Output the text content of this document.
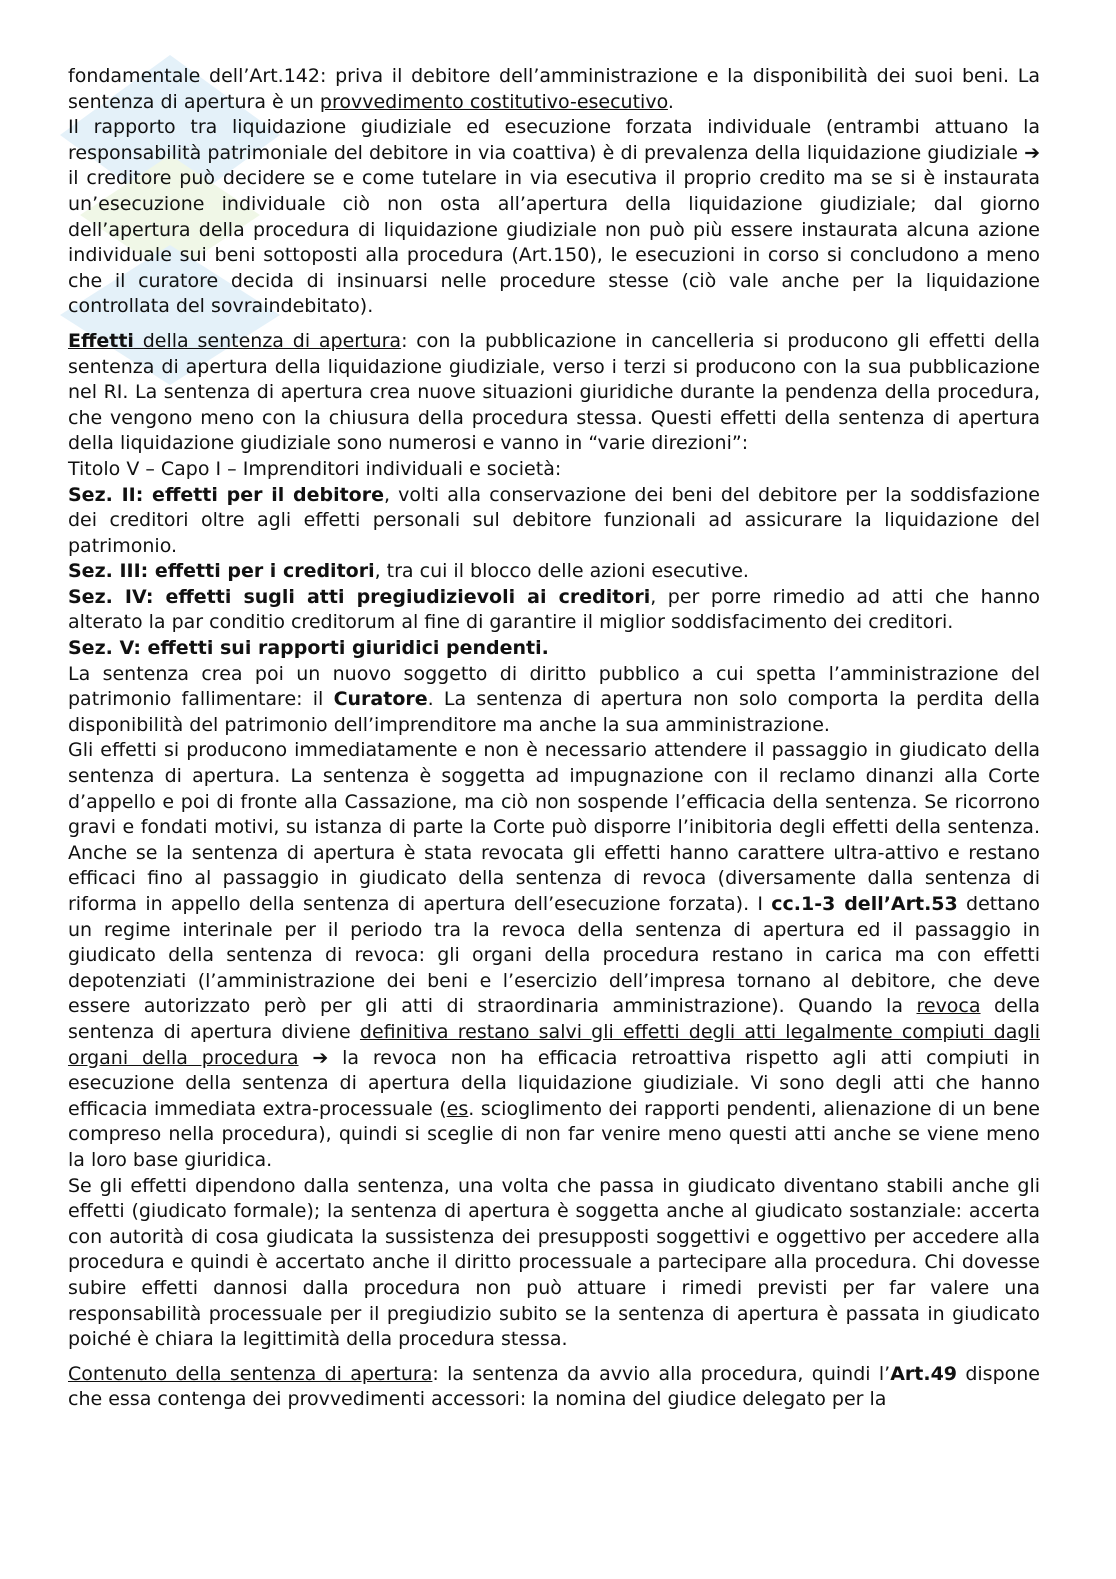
fondamentale dell’Art.142: priva il debitore dell’amministrazione e la disponibilità dei suoi beni. La sentenza di apertura è un provvedimento costitutivo-esecutivo.

Il rapporto tra liquidazione giudiziale ed esecuzione forzata individuale (entrambi attuano la responsabilità patrimoniale del debitore in via coattiva) è di prevalenza della liquidazione giudiziale ➔ il creditore può decidere se e come tutelare in via esecutiva il proprio credito ma se si è instaurata un’esecuzione individuale ciò non osta all’apertura della liquidazione giudiziale; dal giorno dell’apertura della procedura di liquidazione giudiziale non può più essere instaurata alcuna azione individuale sui beni sottoposti alla procedura (Art.150), le esecuzioni in corso si concludono a meno che il curatore decida di insinuarsi nelle procedure stesse (ciò vale anche per la liquidazione controllata del sovraindebitato).

Effetti della sentenza di apertura: con la pubblicazione in cancelleria si producono gli effetti della sentenza di apertura della liquidazione giudiziale, verso i terzi si producono con la sua pubblicazione nel RI. La sentenza di apertura crea nuove situazioni giuridiche durante la pendenza della procedura, che vengono meno con la chiusura della procedura stessa. Questi effetti della sentenza di apertura della liquidazione giudiziale sono numerosi e vanno in “varie direzioni”:

Titolo V – Capo I – Imprenditori individuali e società:

Sez. II: effetti per il debitore, volti alla conservazione dei beni del debitore per la soddisfazione dei creditori oltre agli effetti personali sul debitore funzionali ad assicurare la liquidazione del patrimonio.

Sez. III: effetti per i creditori, tra cui il blocco delle azioni esecutive.

Sez. IV: effetti sugli atti pregiudizievoli ai creditori, per porre rimedio ad atti che hanno alterato la par conditio creditorum al fine di garantire il miglior soddisfacimento dei creditori.

Sez. V: effetti sui rapporti giuridici pendenti.

La sentenza crea poi un nuovo soggetto di diritto pubblico a cui spetta l’amministrazione del patrimonio fallimentare: il Curatore. La sentenza di apertura non solo comporta la perdita della disponibilità del patrimonio dell’imprenditore ma anche la sua amministrazione.

Gli effetti si producono immediatamente e non è necessario attendere il passaggio in giudicato della sentenza di apertura. La sentenza è soggetta ad impugnazione con il reclamo dinanzi alla Corte d’appello e poi di fronte alla Cassazione, ma ciò non sospende l’efficacia della sentenza. Se ricorrono gravi e fondati motivi, su istanza di parte la Corte può disporre l’inibitoria degli effetti della sentenza. Anche se la sentenza di apertura è stata revocata gli effetti hanno carattere ultra-attivo e restano efficaci fino al passaggio in giudicato della sentenza di revoca (diversamente dalla sentenza di riforma in appello della sentenza di apertura dell’esecuzione forzata). I cc.1-3 dell’Art.53 dettano un regime interinale per il periodo tra la revoca della sentenza di apertura ed il passaggio in giudicato della sentenza di revoca: gli organi della procedura restano in carica ma con effetti depotenziati (l’amministrazione dei beni e l’esercizio dell’impresa tornano al debitore, che deve essere autorizzato però per gli atti di straordinaria amministrazione). Quando la revoca della sentenza di apertura diviene definitiva restano salvi gli effetti degli atti legalmente compiuti dagli organi della procedura ➔ la revoca non ha efficacia retroattiva rispetto agli atti compiuti in esecuzione della sentenza di apertura della liquidazione giudiziale. Vi sono degli atti che hanno efficacia immediata extra-processuale (es. scioglimento dei rapporti pendenti, alienazione di un bene compreso nella procedura), quindi si sceglie di non far venire meno questi atti anche se viene meno la loro base giuridica.

Se gli effetti dipendono dalla sentenza, una volta che passa in giudicato diventano stabili anche gli effetti (giudicato formale); la sentenza di apertura è soggetta anche al giudicato sostanziale: accerta con autorità di cosa giudicata la sussistenza dei presupposti soggettivi e oggettivo per accedere alla procedura e quindi è accertato anche il diritto processuale a partecipare alla procedura. Chi dovesse subire effetti dannosi dalla procedura non può attuare i rimedi previsti per far valere una responsabilità processuale per il pregiudizio subito se la sentenza di apertura è passata in giudicato poiché è chiara la legittimità della procedura stessa.

Contenuto della sentenza di apertura: la sentenza da avvio alla procedura, quindi l’Art.49 dispone che essa contenga dei provvedimenti accessori: la nomina del giudice delegato per la
